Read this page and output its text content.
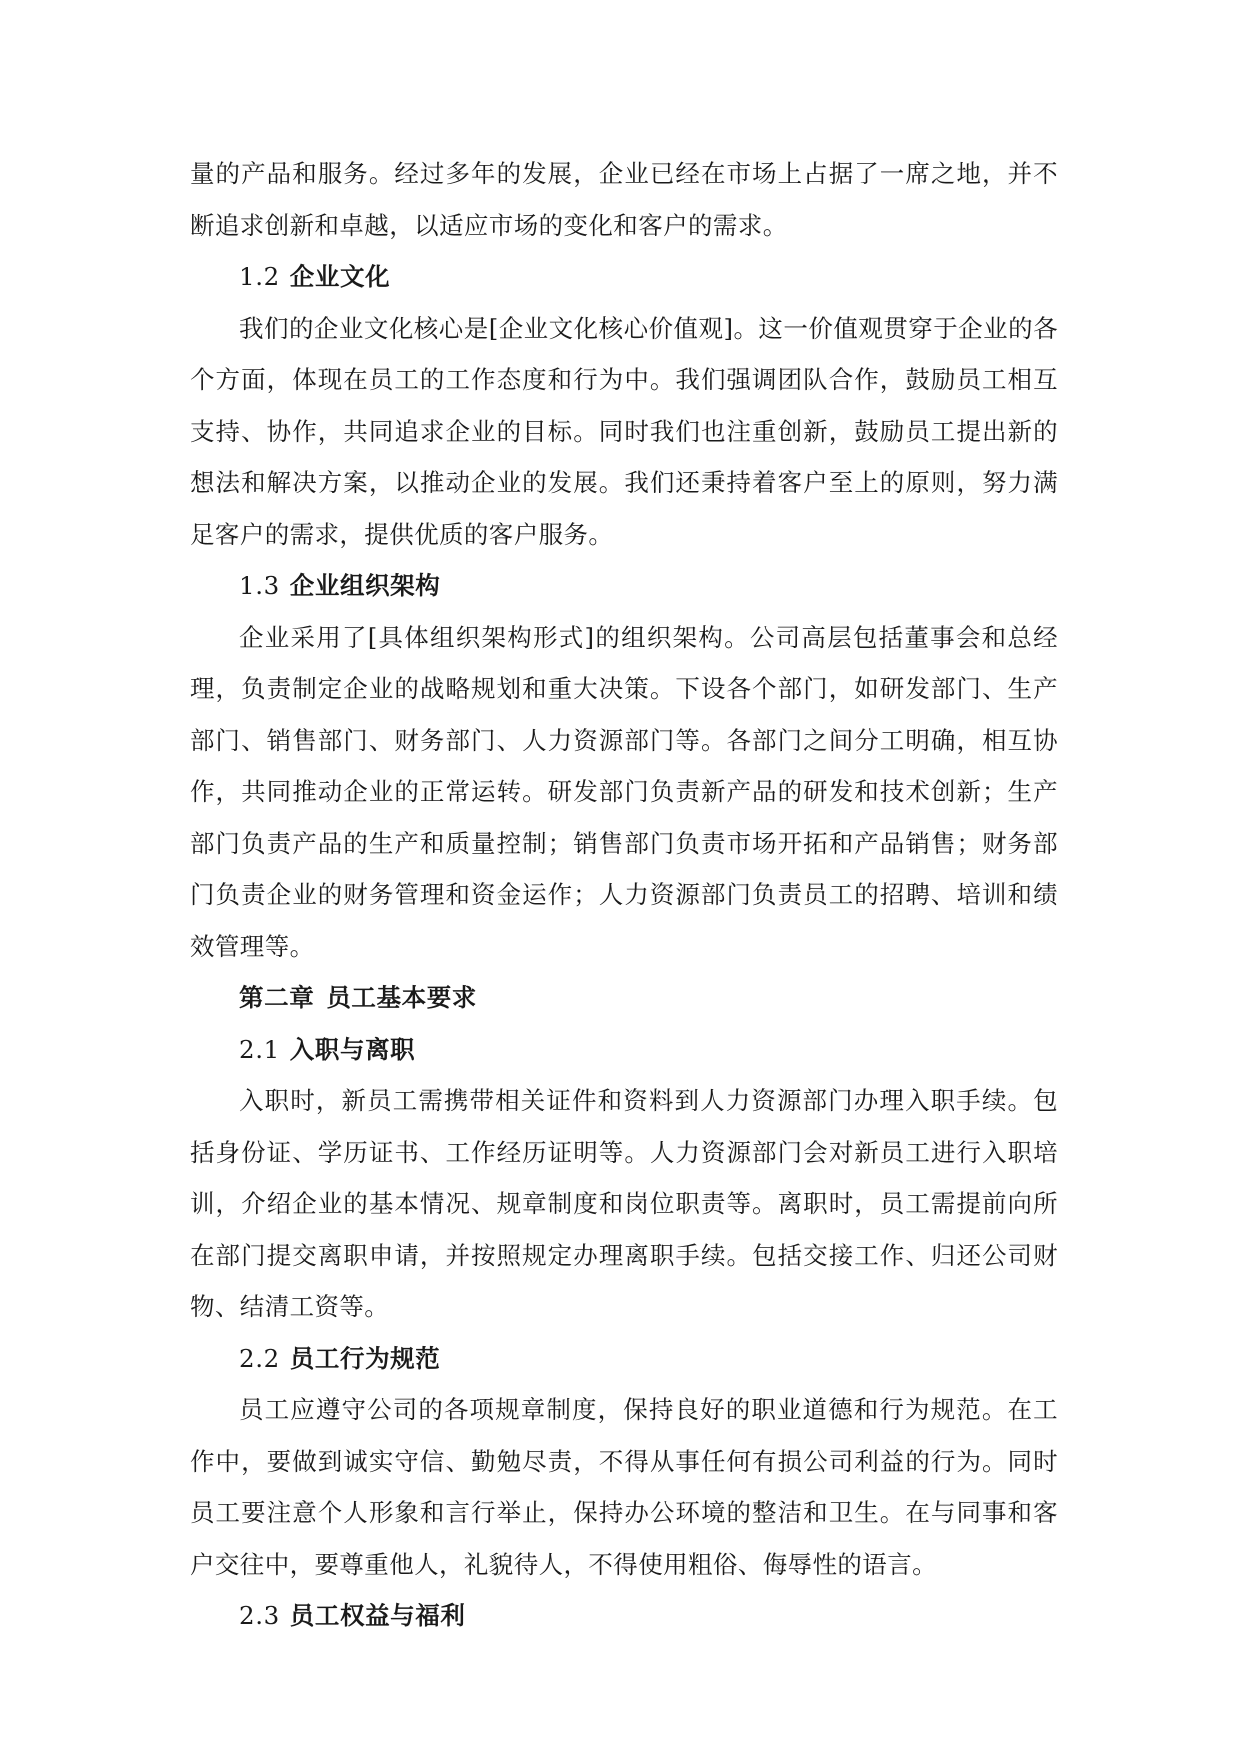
量的产品和服务。经过多年的发展，企业已经在市场上占据了一席之地，并不断追求创新和卓越，以适应市场的变化和客户的需求。

1.2 企业文化

我们的企业文化核心是[企业文化核心价值观]。这一价值观贯穿于企业的各个方面，体现在员工的工作态度和行为中。我们强调团队合作，鼓励员工相互支持、协作，共同追求企业的目标。同时我们也注重创新，鼓励员工提出新的想法和解决方案，以推动企业的发展。我们还秉持着客户至上的原则，努力满足客户的需求，提供优质的客户服务。

1.3 企业组织架构

企业采用了[具体组织架构形式]的组织架构。公司高层包括董事会和总经理，负责制定企业的战略规划和重大决策。下设各个部门，如研发部门、生产部门、销售部门、财务部门、人力资源部门等。各部门之间分工明确，相互协作，共同推动企业的正常运转。研发部门负责新产品的研发和技术创新；生产部门负责产品的生产和质量控制；销售部门负责市场开拓和产品销售；财务部门负责企业的财务管理和资金运作；人力资源部门负责员工的招聘、培训和绩效管理等。

第二章 员工基本要求

2.1 入职与离职

入职时，新员工需携带相关证件和资料到人力资源部门办理入职手续。包括身份证、学历证书、工作经历证明等。人力资源部门会对新员工进行入职培训，介绍企业的基本情况、规章制度和岗位职责等。离职时，员工需提前向所在部门提交离职申请，并按照规定办理离职手续。包括交接工作、归还公司财物、结清工资等。

2.2 员工行为规范

员工应遵守公司的各项规章制度，保持良好的职业道德和行为规范。在工作中，要做到诚实守信、勤勉尽责，不得从事任何有损公司利益的行为。同时员工要注意个人形象和言行举止，保持办公环境的整洁和卫生。在与同事和客户交往中，要尊重他人，礼貌待人，不得使用粗俗、侮辱性的语言。

2.3 员工权益与福利
